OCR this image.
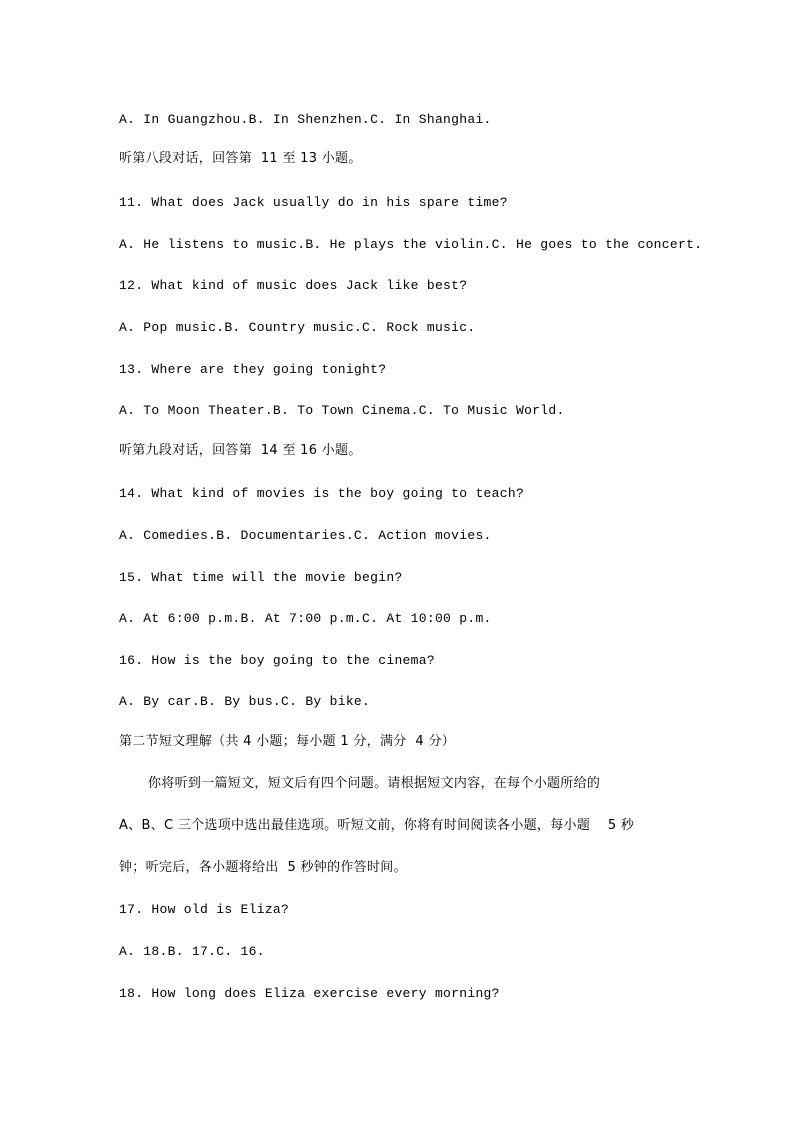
A. In Guangzhou.B. In Shenzhen.C. In Shanghai.
听第八段对话，回答第  11 至 13 小题。
11. What does Jack usually do in his spare time?
A. He listens to music.B. He plays the violin.C. He goes to the concert.
12. What kind of music does Jack like best?
A. Pop music.B. Country music.C. Rock music.
13. Where are they going tonight?
A. To Moon Theater.B. To Town Cinema.C. To Music World.
听第九段对话，回答第  14 至 16 小题。
14. What kind of movies is the boy going to teach?
A. Comedies.B. Documentaries.C. Action movies.
15. What time will the movie begin?
A. At 6:00 p.m.B. At 7:00 p.m.C. At 10:00 p.m.
16. How is the boy going to the cinema?
A. By car.B. By bus.C. By bike.
第二节短文理解（共 4 小题；每小题 1 分，满分  4 分）
你将听到一篇短文，短文后有四个问题。请根据短文内容，在每个小题所给的
A、B、C 三个选项中选出最佳选项。听短文前，你将有时间阅读各小题，每小题    5 秒
钟；听完后，各小题将给出  5 秒钟的作答时间。
17. How old is Eliza?
A. 18.B. 17.C. 16.
18. How long does Eliza exercise every morning?
